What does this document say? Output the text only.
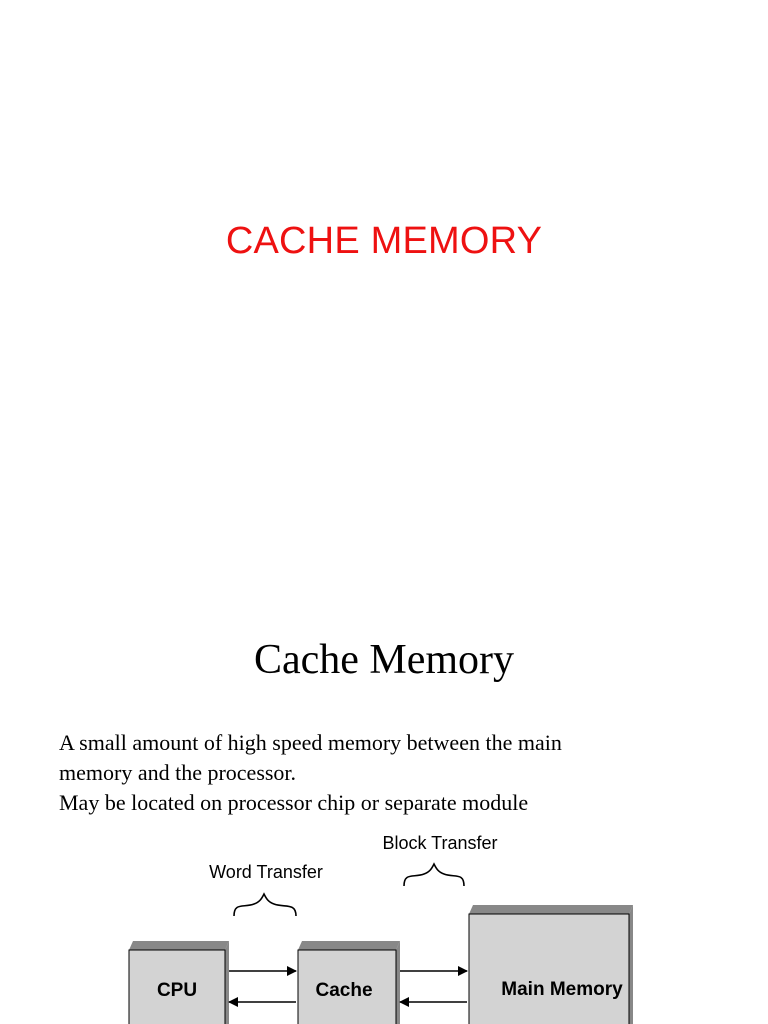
CACHE MEMORY
Cache Memory
A small amount of high speed memory between the main
memory and the processor.
May be located on processor chip or separate module
Block Transfer
Word Transfer
CPU	Cache	Main Memory
